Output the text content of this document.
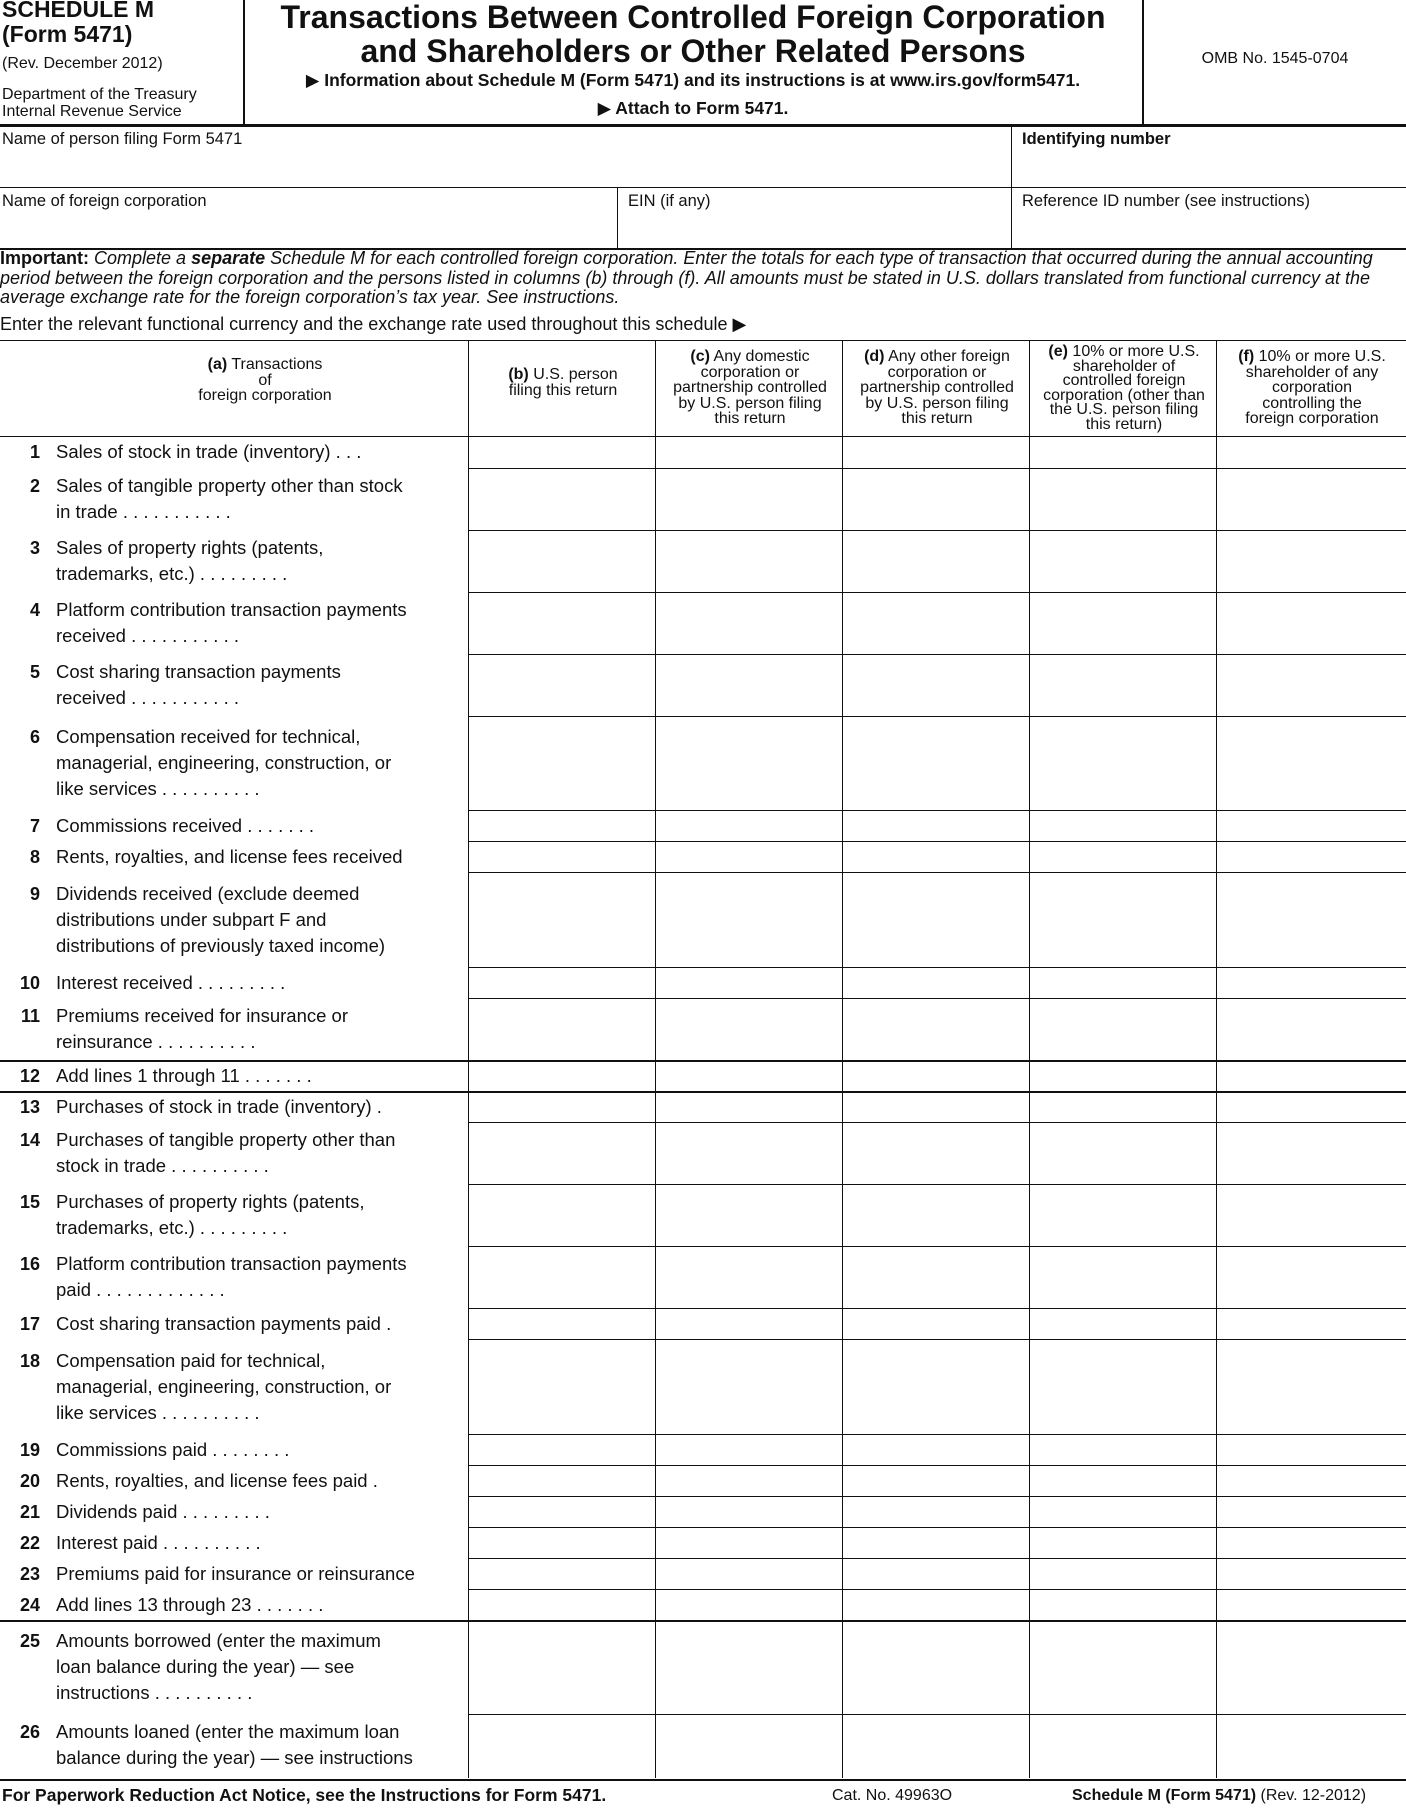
SCHEDULE M
(Form 5471)
(Rev. December 2012)
Department of the Treasury
Internal Revenue Service
Transactions Between Controlled Foreign Corporation
and Shareholders or Other Related Persons
▶ Information about Schedule M (Form 5471) and its instructions is at www.irs.gov/form5471.
▶ Attach to Form 5471.
OMB No. 1545-0704
Name of person filing Form 5471	Identifying number
Name of foreign corporation	EIN (if any)	Reference ID number (see instructions)
Important: Complete a separate Schedule M for each controlled foreign corporation. Enter the totals for each type of transaction that occurred during the annual accounting period between the foreign corporation and the persons listed in columns (b) through (f). All amounts must be stated in U.S. dollars translated from functional currency at the average exchange rate for the foreign corporation’s tax year. See instructions.
Enter the relevant functional currency and the exchange rate used throughout this schedule ▶
(a) Transactions
of
foreign corporation
(b) U.S. person
filing this return
(c) Any domestic
corporation or
partnership controlled
by U.S. person filing
this return
(d) Any other foreign
corporation or
partnership controlled
by U.S. person filing
this return
(e) 10% or more U.S.
shareholder of
controlled foreign
corporation (other than
the U.S. person filing
this return)
(f) 10% or more U.S.
shareholder of any
corporation
controlling the
foreign corporation
1 Sales of stock in trade (inventory) . . .
2 Sales of tangible property other than stock
in trade . . . . . . . . . . .
3 Sales of property rights (patents,
trademarks, etc.) . . . . . . . . .
4 Platform contribution transaction payments
received . . . . . . . . . . .
5 Cost sharing transaction payments
received . . . . . . . . . . .
6 Compensation received for technical,
managerial, engineering, construction, or
like services . . . . . . . . . .
7 Commissions received . . . . . . .
8 Rents, royalties, and license fees received
9 Dividends received (exclude deemed
distributions under subpart F and
distributions of previously taxed income)
10 Interest received . . . . . . . . .
11 Premiums received for insurance or
reinsurance . . . . . . . . . .
12 Add lines 1 through 11 . . . . . . .
13 Purchases of stock in trade (inventory) .
14 Purchases of tangible property other than
stock in trade . . . . . . . . . .
15 Purchases of property rights (patents,
trademarks, etc.) . . . . . . . . .
16 Platform contribution transaction payments
paid . . . . . . . . . . . . .
17 Cost sharing transaction payments paid .
18 Compensation paid for technical,
managerial, engineering, construction, or
like services . . . . . . . . . .
19 Commissions paid . . . . . . . .
20 Rents, royalties, and license fees paid .
21 Dividends paid . . . . . . . . .
22 Interest paid . . . . . . . . . .
23 Premiums paid for insurance or reinsurance
24 Add lines 13 through 23 . . . . . . .
25 Amounts borrowed (enter the maximum
loan balance during the year) — see
instructions . . . . . . . . . .
26 Amounts loaned (enter the maximum loan
balance during the year) — see instructions
For Paperwork Reduction Act Notice, see the Instructions for Form 5471.	Cat. No. 49963O	Schedule M (Form 5471) (Rev. 12-2012)
